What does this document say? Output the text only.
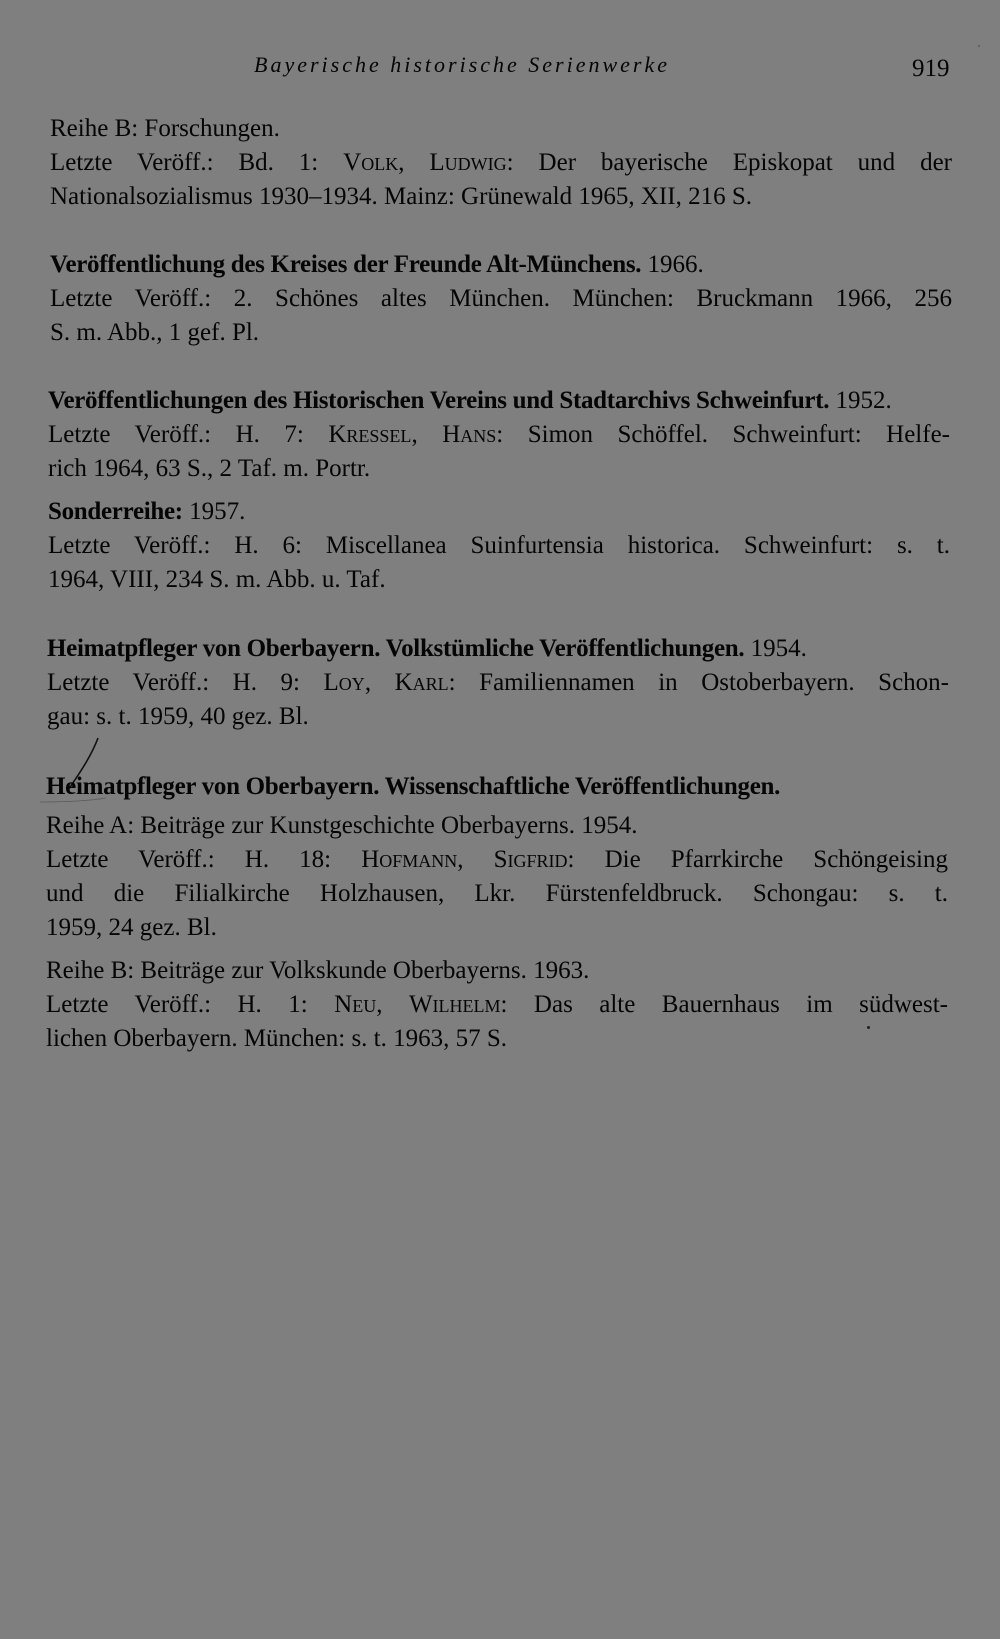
Bayerische historische Serienwerke	919
Reihe B: Forschungen.
Letzte Veröff.: Bd. 1: Volk, Ludwig: Der bayerische Episkopat und der
Nationalsozialismus 1930–1934. Mainz: Grünewald 1965, XII, 216 S.
Veröffentlichung des Kreises der Freunde Alt-Münchens. 1966.
Letzte Veröff.: 2. Schönes altes München. München: Bruckmann 1966, 256
S. m. Abb., 1 gef. Pl.
Veröffentlichungen des Historischen Vereins und Stadtarchivs Schweinfurt. 1952.
Letzte Veröff.: H. 7: Kressel, Hans: Simon Schöffel. Schweinfurt: Helfe-
rich 1964, 63 S., 2 Taf. m. Portr.
Sonderreihe: 1957.
Letzte Veröff.: H. 6: Miscellanea Suinfurtensia historica. Schweinfurt: s. t.
1964, VIII, 234 S. m. Abb. u. Taf.
Heimatpfleger von Oberbayern. Volkstümliche Veröffentlichungen. 1954.
Letzte Veröff.: H. 9: Loy, Karl: Familiennamen in Ostoberbayern. Schon-
gau: s. t. 1959, 40 gez. Bl.
Heimatpfleger von Oberbayern. Wissenschaftliche Veröffentlichungen.
Reihe A: Beiträge zur Kunstgeschichte Oberbayerns. 1954.
Letzte Veröff.: H. 18: Hofmann, Sigfrid: Die Pfarrkirche Schöngeising
und die Filialkirche Holzhausen, Lkr. Fürstenfeldbruck. Schongau: s. t.
1959, 24 gez. Bl.
Reihe B: Beiträge zur Volkskunde Oberbayerns. 1963.
Letzte Veröff.: H. 1: Neu, Wilhelm: Das alte Bauernhaus im südwest-
lichen Oberbayern. München: s. t. 1963, 57 S.
